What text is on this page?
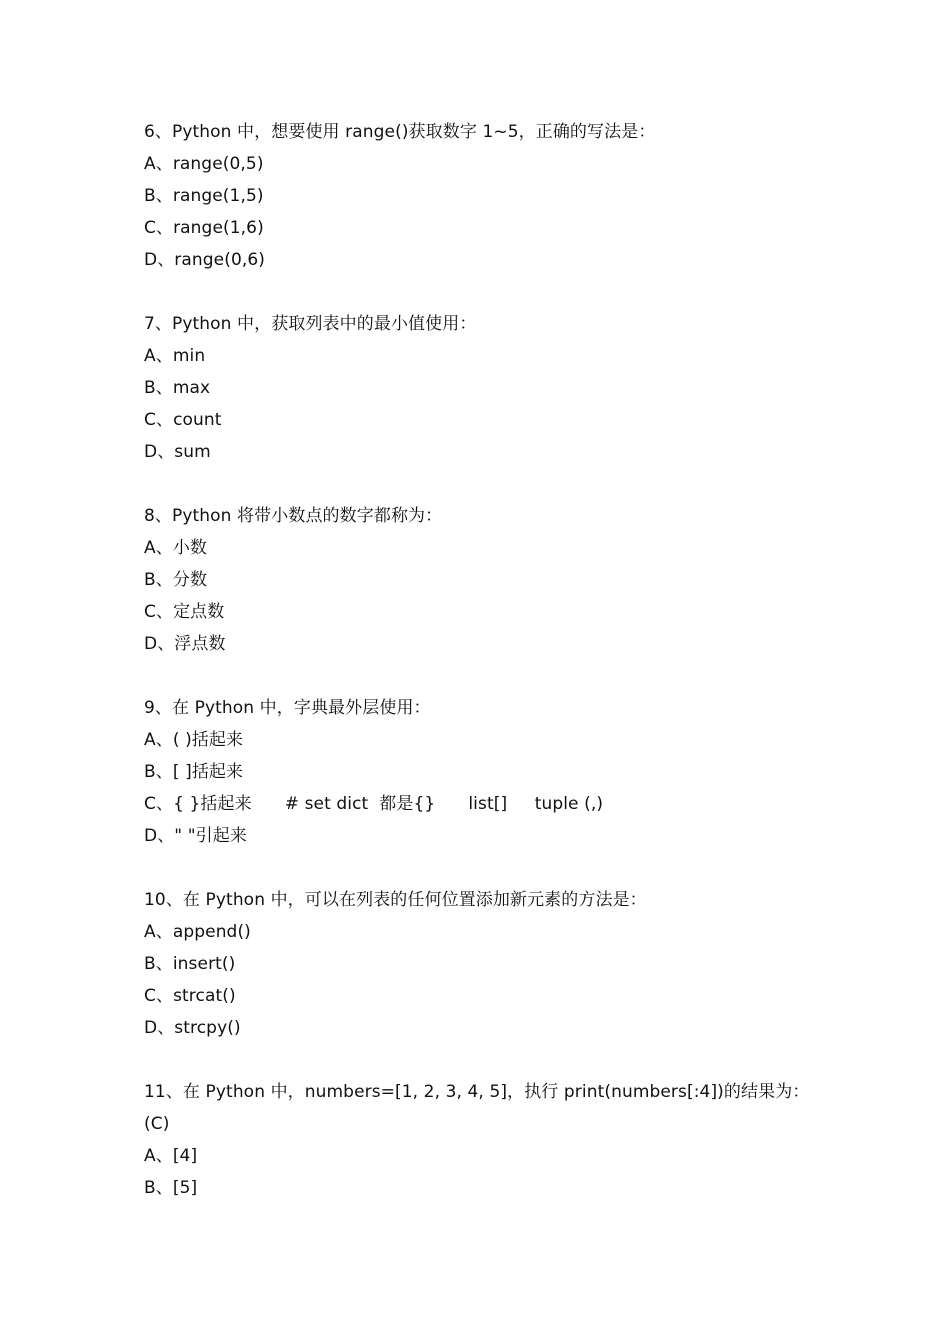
6、Python 中，想要使用 range()获取数字 1~5，正确的写法是：
A、range(0,5)
B、range(1,5)
C、range(1,6)
D、range(0,6)
7、Python 中，获取列表中的最小值使用：
A、min
B、max
C、count
D、sum
8、Python 将带小数点的数字都称为：
A、小数
B、分数
C、定点数
D、浮点数
9、在 Python 中，字典最外层使用：
A、( )括起来
B、[ ]括起来
C、{ }括起来      # set dict  都是{}      list[]     tuple (,)
D、" "引起来
10、在 Python 中，可以在列表的任何位置添加新元素的方法是：
A、append()
B、insert()
C、strcat()
D、strcpy()
11、在 Python 中，numbers=[1, 2, 3, 4, 5]，执行 print(numbers[:4])的结果为：
(C)
A、[4]
B、[5]
